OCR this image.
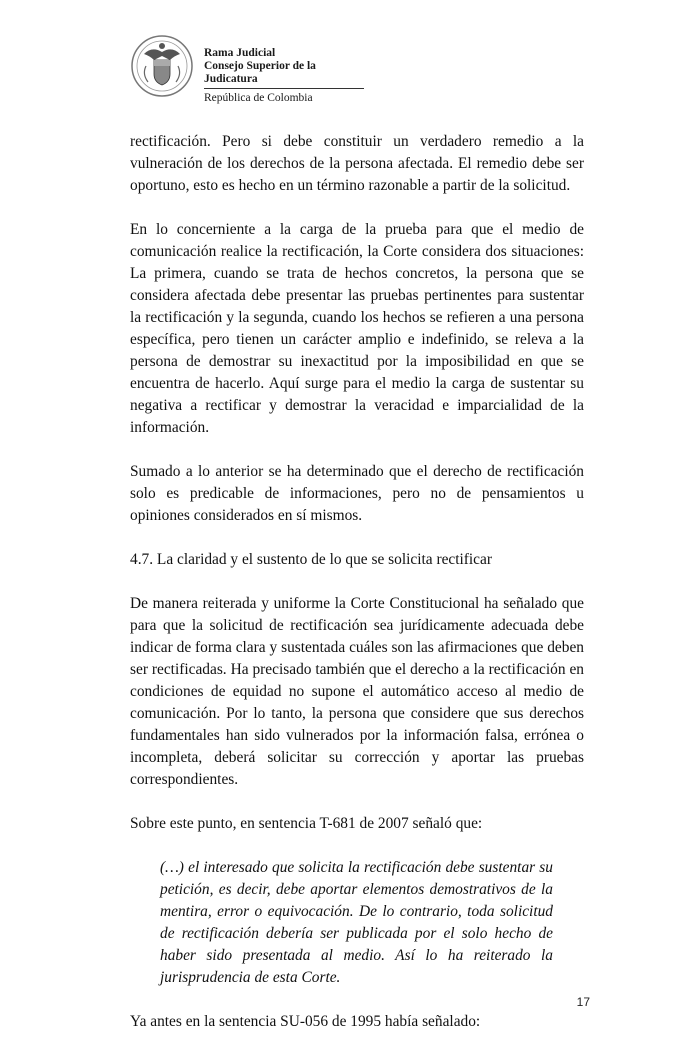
Rama Judicial
Consejo Superior de la Judicatura
República de Colombia

rectificación. Pero si debe constituir un verdadero remedio a la vulneración de los derechos de la persona afectada. El remedio debe ser oportuno, esto es hecho en un término razonable a partir de la solicitud.

En lo concerniente a la carga de la prueba para que el medio de comunicación realice la rectificación, la Corte considera dos situaciones: La primera, cuando se trata de hechos concretos, la persona que se considera afectada debe presentar las pruebas pertinentes para sustentar la rectificación y la segunda, cuando los hechos se refieren a una persona específica, pero tienen un carácter amplio e indefinido, se releva a la persona de demostrar su inexactitud por la imposibilidad en que se encuentra de hacerlo. Aquí surge para el medio la carga de sustentar su negativa a rectificar y demostrar la veracidad e imparcialidad de la información.

Sumado a lo anterior se ha determinado que el derecho de rectificación solo es predicable de informaciones, pero no de pensamientos u opiniones considerados en sí mismos.

4.7. La claridad y el sustento de lo que se solicita rectificar

De manera reiterada y uniforme la Corte Constitucional ha señalado que para que la solicitud de rectificación sea jurídicamente adecuada debe indicar de forma clara y sustentada cuáles son las afirmaciones que deben ser rectificadas. Ha precisado también que el derecho a la rectificación en condiciones de equidad no supone el automático acceso al medio de comunicación. Por lo tanto, la persona que considere que sus derechos fundamentales han sido vulnerados por la información falsa, errónea o incompleta, deberá solicitar su corrección y aportar las pruebas correspondientes.

Sobre este punto, en sentencia T-681 de 2007 señaló que:

(…) el interesado que solicita la rectificación debe sustentar su petición, es decir, debe aportar elementos demostrativos de la mentira, error o equivocación. De lo contrario, toda solicitud de rectificación debería ser publicada por el solo hecho de haber sido presentada al medio. Así lo ha reiterado la jurisprudencia de esta Corte.

Ya antes en la sentencia SU-056 de 1995 había señalado:

17
